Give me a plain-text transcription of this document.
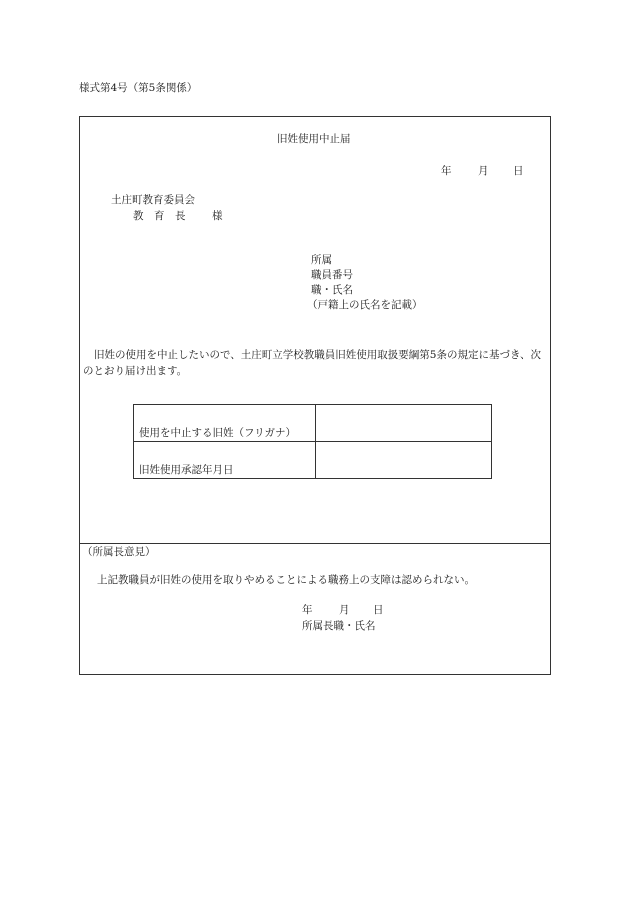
様式第4号（第5条関係）
旧姓使用中止届
年	月 日
土庄町教育委員会
教　育　長	様
所属
職員番号
職・氏名
（戸籍上の氏名を記載）
旧姓の使用を中止したいので、土庄町立学校教職員旧姓使用取扱要綱第5条の規定に基づき、次のとおり届け出ます。
使用を中止する旧姓（フリガナ）	
旧姓使用承認年月日	
（所属長意見）
上記教職員が旧姓の使用を取りやめることによる職務上の支障は認められない。
年	月 日
所属長職・氏名
